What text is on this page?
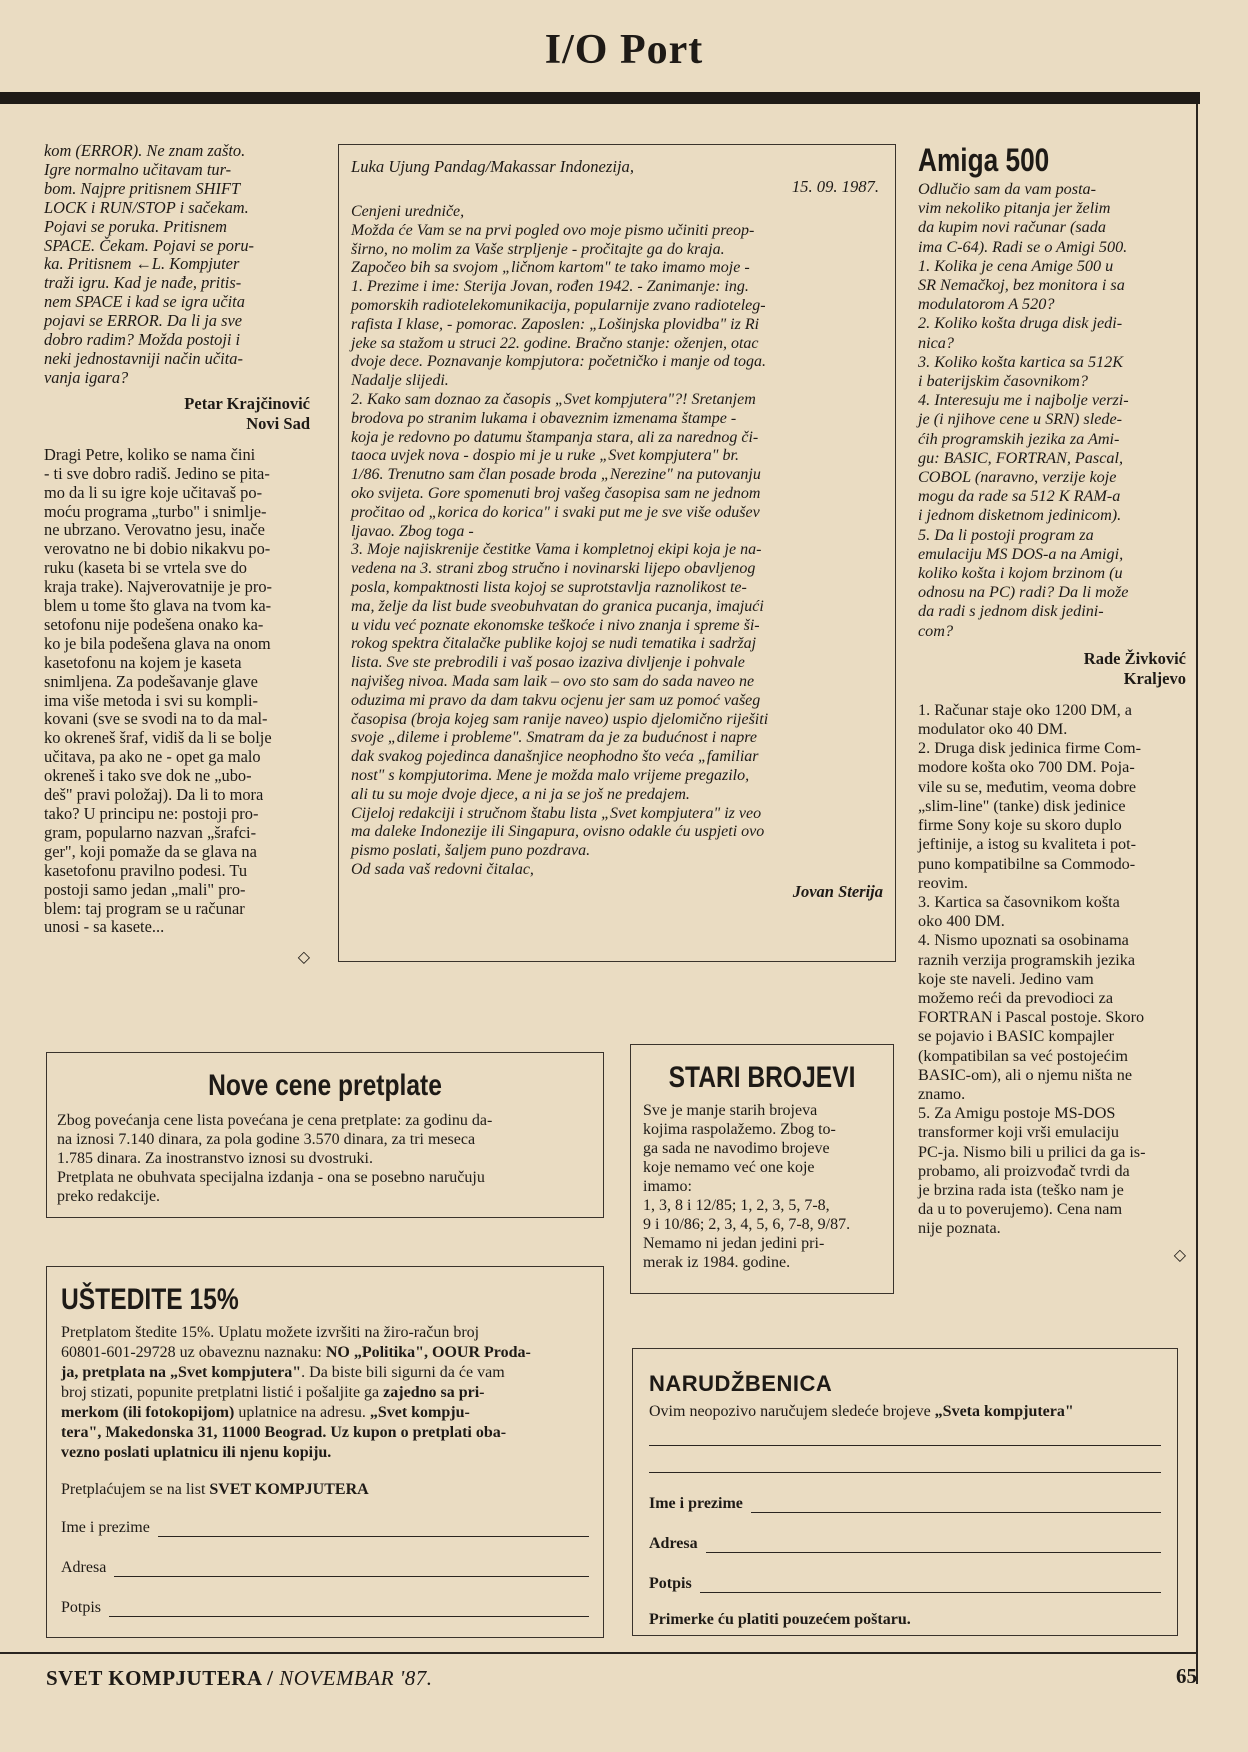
I/O Port

kom (ERROR). Ne znam zašto.

Igre normalno učitavam tur-

bom. Najpre pritisnem SHIFT

LOCK i RUN/STOP i sačekam.

Pojavi se poruka. Pritisnem

SPACE. Čekam. Pojavi se poru-

ka. Pritisnem ←L. Kompjuter

traži igru. Kad je nađe, pritis-

nem SPACE i kad se igra učita

pojavi se ERROR. Da li ja sve

dobro radim? Možda postoji i

neki jednostavniji način učita-

vanja igara?

Petar Krajčinović
Novi Sad

Dragi Petre, koliko se nama čini

- ti sve dobro radiš. Jedino se pita-

mo da li su igre koje učitavaš po-

moću programa „turbo" i snimlje-

ne ubrzano. Verovatno jesu, inače

verovatno ne bi dobio nikakvu po-

ruku (kaseta bi se vrtela sve do

kraja trake). Najverovatnije je pro-

blem u tome što glava na tvom ka-

setofonu nije podešena onako ka-

ko je bila podešena glava na onom

kasetofonu na kojem je kaseta

snimljena. Za podešavanje glave

ima više metoda i svi su kompli-

kovani (sve se svodi na to da mal-

ko okreneš šraf, vidiš da li se bolje

učitava, pa ako ne - opet ga malo

okreneš i tako sve dok ne „ubo-

deš" pravi položaj). Da li to mora

tako? U principu ne: postoji pro-

gram, popularno nazvan „šrafci-

ger", koji pomaže da se glava na

kasetofonu pravilno podesi. Tu

postoji samo jedan „mali" pro-

blem: taj program se u računar

unosi - sa kasete...

◇
Luka Ujung Pandag/Makassar Indonezija,
15. 09. 1987.

Cenjeni uredniče,

Možda će Vam se na prvi pogled ovo moje pismo učiniti preop-

širno, no molim za Vaše strpljenje - pročitajte ga do kraja.

Započeo bih sa svojom „ličnom kartom" te tako imamo moje -

1. Prezime i ime: Sterija Jovan, rođen 1942. - Zanimanje: ing.

pomorskih radiotelekomunikacija, popularnije zvano radioteleg-

rafista I klase, - pomorac. Zaposlen: „Lošinjska plovidba" iz Ri

jeke sa stažom u struci 22. godine. Bračno stanje: oženjen, otac

dvoje dece. Poznavanje kompjutora: početničko i manje od toga.

Nadalje slijedi.

2. Kako sam doznao za časopis „Svet kompjutera"?! Sretanjem

brodova po stranim lukama i obaveznim izmenama štampe -

koja je redovno po datumu štampanja stara, ali za narednog či-

taoca uvjek nova - dospio mi je u ruke „Svet kompjutera" br.

1/86. Trenutno sam član posade broda „Nerezine" na putovanju

oko svijeta. Gore spomenuti broj vašeg časopisa sam ne jednom

pročitao od „korica do korica" i svaki put me je sve više odušev

ljavao. Zbog toga -

3. Moje najiskrenije čestitke Vama i kompletnoj ekipi koja je na-

vedena na 3. strani zbog stručno i novinarski lijepo obavljenog

posla, kompaktnosti lista kojoj se suprotstavlja raznolikost te-

ma, želje da list bude sveobuhvatan do granica pucanja, imajući

u vidu već poznate ekonomske teškoće i nivo znanja i spreme ši-

rokog spektra čitalačke publike kojoj se nudi tematika i sadržaj

lista. Sve ste prebrodili i vaš posao izaziva divljenje i pohvale

najvišeg nivoa. Mada sam laik – ovo sto sam do sada naveo ne

oduzima mi pravo da dam takvu ocjenu jer sam uz pomoć vašeg

časopisa (broja kojeg sam ranije naveo) uspio djelomično riješiti

svoje „dileme i probleme". Smatram da je za budućnost i napre

dak svakog pojedinca današnjice neophodno što veća „familiar

nost" s kompjutorima. Mene je možda malo vrijeme pregazilo,

ali tu su moje dvoje djece, a ni ja se još ne predajem.

Cijeloj redakciji i stručnom štabu lista „Svet kompjutera" iz veo

ma daleke Indonezije ili Singapura, ovisno odakle ću uspjeti ovo

pismo poslati, šaljem puno pozdrava.

Od sada vaš redovni čitalac,

Jovan Sterija
Amiga 500

Odlučio sam da vam posta-

vim nekoliko pitanja jer želim

da kupim novi računar (sada

ima C-64). Radi se o Amigi 500.

1. Kolika je cena Amige 500 u

SR Nemačkoj, bez monitora i sa

modulatorom A 520?

2. Koliko košta druga disk jedi-

nica?

3. Koliko košta kartica sa 512K

i baterijskim časovnikom?

4. Interesuju me i najbolje verzi-

je (i njihove cene u SRN) slede-

ćih programskih jezika za Ami-

gu: BASIC, FORTRAN, Pascal,

COBOL (naravno, verzije koje

mogu da rade sa 512 K RAM-a

i jednom disketnom jedinicom).

5. Da li postoji program za

emulaciju MS DOS-a na Amigi,

koliko košta i kojom brzinom (u

odnosu na PC) radi? Da li može

da radi s jednom disk jedini-

com?

Rade Živković
Kraljevo

1. Računar staje oko 1200 DM, a

modulator oko 40 DM.

2. Druga disk jedinica firme Com-

modore košta oko 700 DM. Poja-

vile su se, međutim, veoma dobre

„slim-line" (tanke) disk jedinice

firme Sony koje su skoro duplo

jeftinije, a istog su kvaliteta i pot-

puno kompatibilne sa Commodo-

reovim.

3. Kartica sa časovnikom košta

oko 400 DM.

4. Nismo upoznati sa osobinama

raznih verzija programskih jezika

koje ste naveli. Jedino vam

možemo reći da prevodioci za

FORTRAN i Pascal postoje. Skoro

se pojavio i BASIC kompajler

(kompatibilan sa već postojećim

BASIC-om), ali o njemu ništa ne

znamo.

5. Za Amigu postoje MS-DOS

transformer koji vrši emulaciju

PC-ja. Nismo bili u prilici da ga is-

probamo, ali proizvođač tvrdi da

je brzina rada ista (teško nam je

da u to poverujemo). Cena nam

nije poznata.

◇
Nove cene pretplate

Zbog povećanja cene lista povećana je cena pretplate: za godinu da-

na iznosi 7.140 dinara, za pola godine 3.570 dinara, za tri meseca

1.785 dinara. Za inostranstvo iznosi su dvostruki.

Pretplata ne obuhvata specijalna izdanja - ona se posebno naručuju

preko redakcije.

STARI BROJEVI

Sve je manje starih brojeva

kojima raspolažemo. Zbog to-

ga sada ne navodimo brojeve

koje nemamo već one koje

imamo:

1, 3, 8 i 12/85; 1, 2, 3, 5, 7-8,

9 i 10/86; 2, 3, 4, 5, 6, 7-8, 9/87.

Nemamo ni jedan jedini pri-

merak iz 1984. godine.

UŠTEDITE 15%
Pretplatom štedite 15%. Uplatu možete izvršiti na žiro-račun broj
60801-601-29728 uz obaveznu naznaku: NO „Politika", OOUR Proda-
ja, pretplata na „Svet kompjutera". Da biste bili sigurni da će vam
broj stizati, popunite pretplatni listić i pošaljite ga zajedno sa pri-
merkom (ili fotokopijom) uplatnice na adresu. „Svet kompju-
tera", Makedonska 31, 11000 Beograd. Uz kupon o pretplati oba-
vezno poslati uplatnicu ili njenu kopiju.
Pretplaćujem se na list SVET KOMPJUTERA
Ime i prezime
Adresa
Potpis
NARUDŽBENICA
Ovim neopozivo naručujem sledeće brojeve „Sveta kompjutera"
Ime i prezime
Adresa
Potpis
Primerke ću platiti pouzećem poštaru.
SVET KOMPJUTERA / NOVEMBAR '87.	65
